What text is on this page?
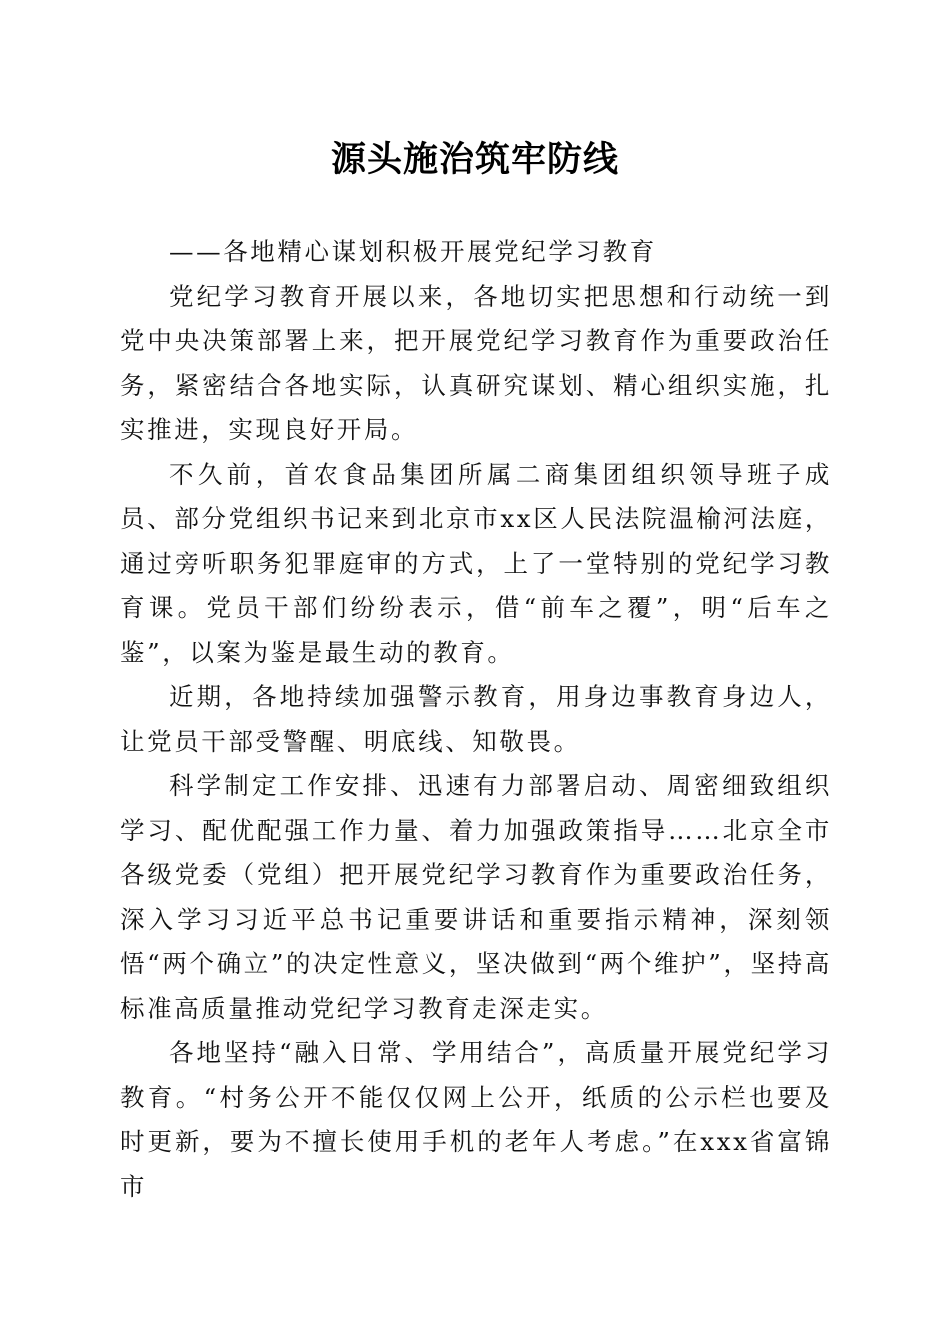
源头施治筑牢防线

——各地精心谋划积极开展党纪学习教育

党纪学习教育开展以来，各地切实把思想和行动统一到党中央决策部署上来，把开展党纪学习教育作为重要政治任务，紧密结合各地实际，认真研究谋划、精心组织实施，扎实推进，实现良好开局。

不久前，首农食品集团所属二商集团组织领导班子成员、部分党组织书记来到北京市xx区人民法院温榆河法庭，通过旁听职务犯罪庭审的方式，上了一堂特别的党纪学习教育课。党员干部们纷纷表示，借“前车之覆”，明“后车之鉴”，以案为鉴是最生动的教育。

近期，各地持续加强警示教育，用身边事教育身边人，让党员干部受警醒、明底线、知敬畏。

科学制定工作安排、迅速有力部署启动、周密细致组织学习、配优配强工作力量、着力加强政策指导……北京全市各级党委（党组）把开展党纪学习教育作为重要政治任务，深入学习习近平总书记重要讲话和重要指示精神，深刻领悟“两个确立”的决定性意义，坚决做到“两个维护”，坚持高标准高质量推动党纪学习教育走深走实。

各地坚持“融入日常、学用结合”，高质量开展党纪学习教育。“村务公开不能仅仅网上公开，纸质的公示栏也要及时更新，要为不擅长使用手机的老年人考虑。”在xxx省富锦市
